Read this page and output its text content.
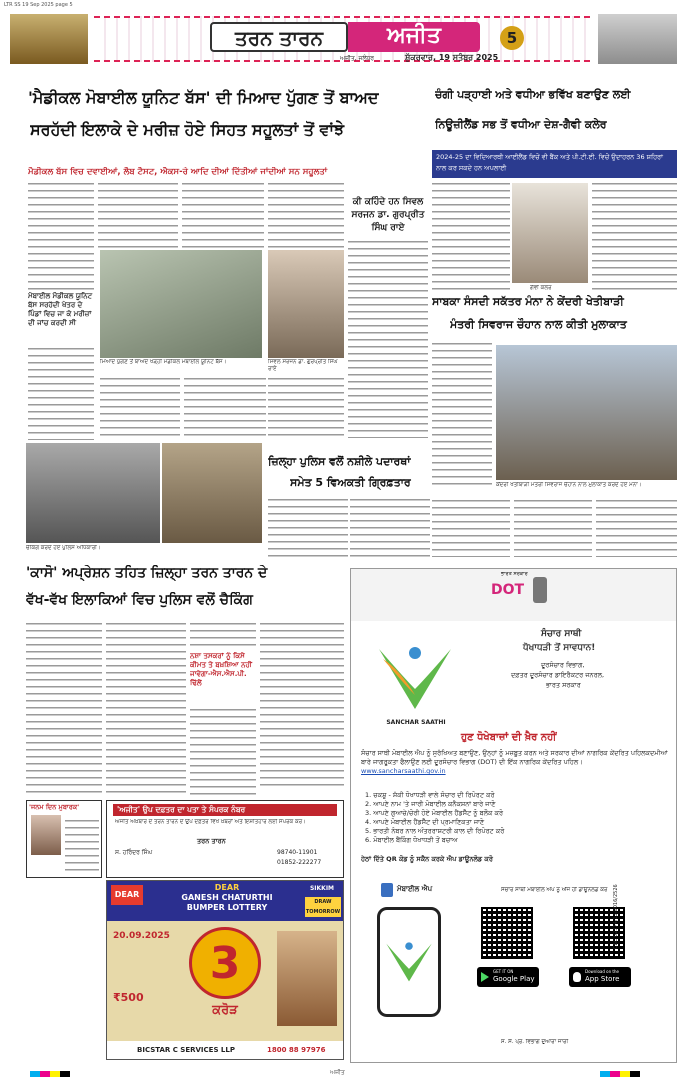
LTR SS 19 Sep 2025 page 5
ਤਰਨ ਤਾਰਨ	ਅਜੀਤ	5
ਅਜੀਤ, ਜਲੰਧਰ	ਸ਼ੁੱਕਰਵਾਰ, 19 ਸਤੰਬਰ 2025
'ਮੈਡੀਕਲ ਮੋਬਾਈਲ ਯੂਨਿਟ ਬੱਸ' ਦੀ ਮਿਆਦ ਪੁੱਗਣ ਤੋਂ ਬਾਅਦ
ਸਰਹੱਦੀ ਇਲਾਕੇ ਦੇ ਮਰੀਜ਼ ਹੋਏ ਸਿਹਤ ਸਹੂਲਤਾਂ ਤੋਂ ਵਾਂਝੇ
ਮੈਡੀਕਲ ਬੱਸ ਵਿਚ ਦਵਾਈਆਂ, ਲੈਬ ਟੈਸਟ, ਐਕਸ-ਰੇ ਆਦਿ ਦੀਆਂ ਦਿੱਤੀਆਂ ਜਾਂਦੀਆਂ ਸਨ ਸਹੂਲਤਾਂ
ਮੋਬਾਈਲ ਮੈਡੀਕਲ ਯੂਨਿਟ ਬੱਸ ਸਰਹੱਦੀ ਖੇਤਰ ਦੇ ਪਿੰਡਾਂ ਵਿਚ ਜਾ ਕੇ ਮਰੀਜ਼ਾਂ ਦੀ ਜਾਂਚ ਕਰਦੀ ਸੀ
ਮਿਆਦ ਪੁੱਗਣ ਤੋਂ ਬਾਅਦ ਖੜ੍ਹੀ ਮੈਡੀਕਲ ਮੋਬਾਈਲ ਯੂਨਿਟ ਬੱਸ।	ਸਿਵਲ ਸਰਜਨ ਡਾ. ਗੁਰਪ੍ਰੀਤ ਸਿੰਘ ਰਾਏ
ਕੀ ਕਹਿੰਦੇ ਹਨ ਸਿਵਲ ਸਰਜਨ ਡਾ. ਗੁਰਪ੍ਰੀਤ ਸਿੰਘ ਰਾਏ
ਚੈਕਿੰਗ ਕਰਦੇ ਹੋਏ ਪੁਲਿਸ ਅਧਿਕਾਰੀ।
ਜ਼ਿਲ੍ਹਾ ਪੁਲਿਸ ਵਲੋਂ ਨਸ਼ੀਲੇ ਪਦਾਰਥਾਂ
ਸਮੇਤ 5 ਵਿਅਕਤੀ ਗ੍ਰਿਫ਼ਤਾਰ
'ਕਾਸੋ' ਅਪ੍ਰੇਸ਼ਨ ਤਹਿਤ ਜ਼ਿਲ੍ਹਾ ਤਰਨ ਤਾਰਨ ਦੇ
ਵੱਖ-ਵੱਖ ਇਲਾਕਿਆਂ ਵਿਚ ਪੁਲਿਸ ਵਲੋਂ ਚੈਕਿੰਗ
ਨਸ਼ਾ ਤਸਕਰਾਂ ਨੂੰ ਕਿਸੇ ਕੀਮਤ ਤੇ ਬਖ਼ਸ਼ਿਆ ਨਹੀਂ ਜਾਵੇਗਾ-ਐਸ.ਐਸ.ਪੀ. ਢਿੱਲੋਂ
'ਜਨਮ ਦਿਨ ਮੁਬਾਰਕ'	'ਅਜੀਤ' ਉਪ ਦਫ਼ਤਰ ਦਾ ਪਤਾ ਤੇ ਸੰਪਰਕ ਨੰਬਰ
ਅਜੀਤ ਅਖ਼ਬਾਰ ਦੇ ਤਰਨ ਤਾਰਨ ਦੇ ਉਪ ਦਫ਼ਤਰ ਵਿਖੇ ਖ਼ਬਰਾਂ ਅਤੇ ਇਸ਼ਤਿਹਾਰ ਲਈ ਸੰਪਰਕ ਕਰੋ।
ਤਰਨ ਤਾਰਨ
ਸ. ਹਰਿੰਦਰ ਸਿੰਘ	98740-11901
01852-222277
DEAR
DEAR
GANESH CHATURTHI
BUMPER LOTTERY
SIKKIM
DRAW TOMORROW
20.09.2025
₹500
3
ਕਰੋੜ
BICSTAR C SERVICES LLP	1800 88 97976
ਚੰਗੀ ਪੜ੍ਹਾਈ ਅਤੇ ਵਧੀਆ ਭਵਿੱਖ ਬਣਾਉਣ ਲਈ
ਨਿਊਜ਼ੀਲੈਂਡ ਸਭ ਤੋਂ ਵਧੀਆ ਦੇਸ਼-ਗੈਵੀ ਕਲੇਰ
2024-25 ਦਾ ਵਿਦਿਆਰਥੀ ਆਈਲੈਂਡ ਵਿਚੋਂ ਵੀ ਬੈਂਕ ਅਤੇ ਪੀ.ਟੀ.ਈ. ਵਿਚੋਂ ਉਦਾਹਰਨ 36 ਸ਼ਹਿਰਾਂ ਨਾਲ ਕਰ ਸਕਦੇ ਹਨ ਅਪਲਾਈ
ਗੈਵੀ ਕਲੇਰ
ਸਾਬਕਾ ਸੰਸਦੀ ਸਕੱਤਰ ਮੰਨਾ ਨੇ ਕੇਂਦਰੀ ਖੇਤੀਬਾੜੀ
ਮੰਤਰੀ ਸਿਵਰਾਜ ਚੌਹਾਨ ਨਾਲ ਕੀਤੀ ਮੁਲਾਕਾਤ
ਕੇਂਦਰੀ ਖੇਤੀਬਾੜੀ ਮੰਤਰੀ ਸਿਵਰਾਜ ਚੌਹਾਨ ਨਾਲ ਮੁਲਾਕਾਤ ਕਰਦੇ ਹੋਏ ਮੰਨਾ।
ਭਾਰਤ ਸਰਕਾਰ
DOT
SANCHAR SAATHI
ਸੰਚਾਰ ਸਾਥੀ
ਧੋਖਾਧੜੀ ਤੋਂ ਸਾਵਧਾਨ!
ਦੂਰਸੰਚਾਰ ਵਿਭਾਗ,
ਦਫ਼ਤਰ ਦੂਰਸੰਚਾਰ ਡਾਇਰੈਕਟਰ ਜਨਰਲ,
ਭਾਰਤ ਸਰਕਾਰ
ਹੁਣ ਧੋਖੇਬਾਜ਼ਾਂ ਦੀ ਖ਼ੈਰ ਨਹੀਂ
ਸੰਚਾਰ ਸਾਥੀ ਮੋਬਾਈਲ ਐਪ ਨੂੰ ਸੁਰੱਖਿਅਤ ਬਣਾਉਣ, ਉਨ੍ਹਾਂ ਨੂੰ ਮਜ਼ਬੂਤ ਕਰਨ ਅਤੇ ਸਰਕਾਰ ਦੀਆਂ ਨਾਗਰਿਕ ਕੇਂਦਰਿਤ ਪਹਿਲਕਦਮੀਆਂ ਬਾਰੇ ਜਾਗਰੂਕਤਾ ਫੈਲਾਉਣ ਲਈ ਦੂਰਸੰਚਾਰ ਵਿਭਾਗ (DOT) ਦੀ ਇੱਕ ਨਾਗਰਿਕ ਕੇਂਦਰਿਤ ਪਹਿਲ। www.sancharsaathi.gov.in
1. ਚਕਸ਼ੂ - ਸ਼ੱਕੀ ਧੋਖਾਧੜੀ ਵਾਲੇ ਸੰਚਾਰ ਦੀ ਰਿਪੋਰਟ ਕਰੋ
2. ਆਪਣੇ ਨਾਮ 'ਤੇ ਜਾਰੀ ਮੋਬਾਈਲ ਕਨੈਕਸ਼ਨਾਂ ਬਾਰੇ ਜਾਣੋ
3. ਆਪਣੇ ਗੁਆਚੇ/ਚੋਰੀ ਹੋਏ ਮੋਬਾਈਲ ਹੈਂਡਸੈੱਟ ਨੂੰ ਬਲੌਕ ਕਰੋ
4. ਆਪਣੇ ਮੋਬਾਈਲ ਹੈਂਡਸੈੱਟ ਦੀ ਪ੍ਰਮਾਣਿਕਤਾ ਜਾਣੋ
5. ਭਾਰਤੀ ਨੰਬਰ ਨਾਲ ਅੰਤਰਰਾਸ਼ਟਰੀ ਕਾਲ ਦੀ ਰਿਪੋਰਟ ਕਰੋ
6. ਮੋਬਾਈਲ ਬੈਂਕਿੰਗ ਧੋਖਾਧੜੀ ਤੋਂ ਬਚਾਅ
ਹੇਠਾਂ ਦਿੱਤੇ QR ਕੋਡ ਨੂੰ ਸਕੈਨ ਕਰਕੇ ਐਪ ਡਾਊਨਲੋਡ ਕਰੋ
ਮੋਬਾਈਲ ਐਪ	ਸੰਚਾਰ ਸਾਥੀ ਮੋਬਾਈਲ ਐਪ ਨੂੰ ਅੱਜ ਹੀ ਡਾਊਨਲੋਡ ਕਰੋ
GET IT ON
Google Play
Download on the
App Store
CBC 02374/13/0016/2526
ਸ. ਸੰ. ਪ੍ਰ. ਵਿਭਾਗ ਦੁਆਰਾ ਜਾਰੀ
ਅਜੀਤ
